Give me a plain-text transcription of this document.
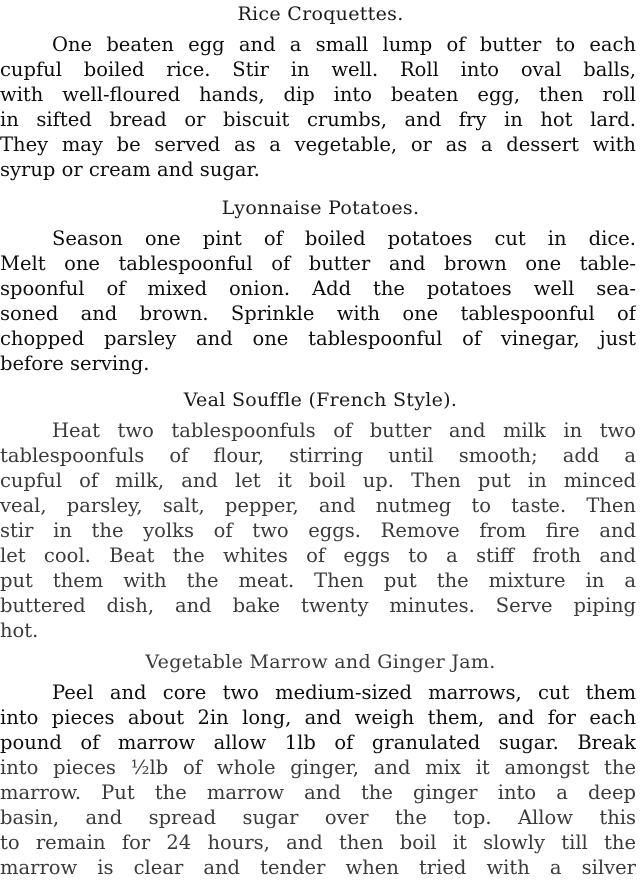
Rice Croquettes.
One beaten egg and a small lump of butter to each
cupful boiled rice. Stir in well. Roll into oval balls,
with well-floured hands, dip into beaten egg, then roll
in sifted bread or biscuit crumbs, and fry in hot lard.
They may be served as a vegetable, or as a dessert with
syrup or cream and sugar.
Lyonnaise Potatoes.
Season one pint of boiled potatoes cut in dice.
Melt one tablespoonful of butter and brown one table-
spoonful of mixed onion. Add the potatoes well sea-
soned and brown. Sprinkle with one tablespoonful of
chopped parsley and one tablespoonful of vinegar, just
before serving.
Veal Souffle (French Style).
Heat two tablespoonfuls of butter and milk in two
tablespoonfuls of flour, stirring until smooth; add a
cupful of milk, and let it boil up. Then put in minced
veal, parsley, salt, pepper, and nutmeg to taste. Then
stir in the yolks of two eggs. Remove from fire and
let cool. Beat the whites of eggs to a stiff froth and
put them with the meat. Then put the mixture in a
buttered dish, and bake twenty minutes. Serve piping
hot.
Vegetable Marrow and Ginger Jam.
Peel and core two medium-sized marrows, cut them
into pieces about 2in long, and weigh them, and for each
pound of marrow allow 1lb of granulated sugar. Break
into pieces ½lb of whole ginger, and mix it amongst the
marrow. Put the marrow and the ginger into a deep
basin, and spread sugar over the top. Allow this
to remain for 24 hours, and then boil it slowly till the
marrow is clear and tender when tried with a silver
